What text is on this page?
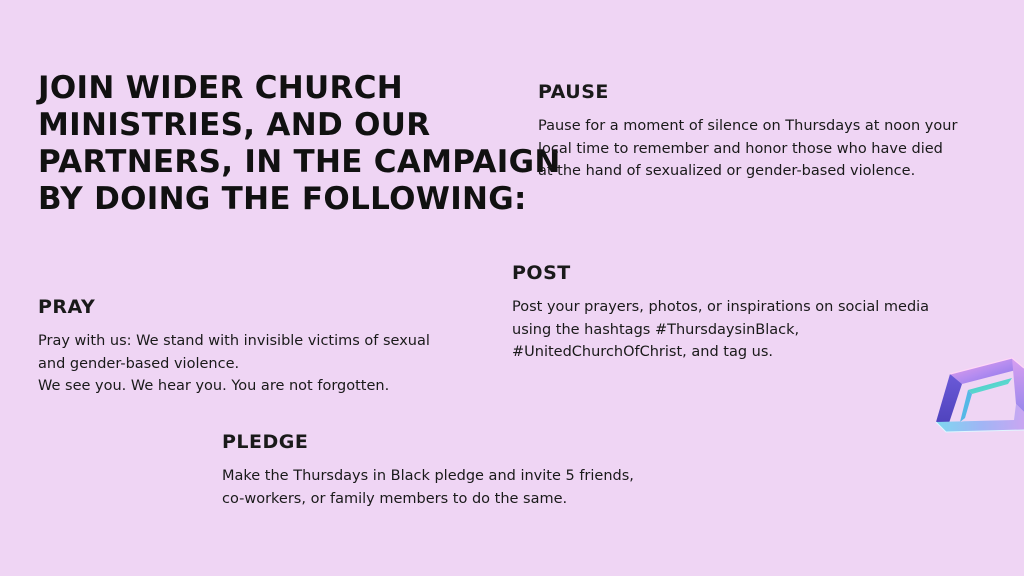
JOIN WIDER CHURCH
MINISTRIES, AND OUR
PARTNERS, IN THE CAMPAIGN
BY DOING THE FOLLOWING:
PAUSE

Pause for a moment of silence on Thursdays at noon your
local time to remember and honor those who have died
at the hand of sexualized or gender-based violence.

POST

Post your prayers, photos, or inspirations on social media
using the hashtags #ThursdaysinBlack,
#UnitedChurchOfChrist, and tag us.

PRAY

Pray with us: We stand with invisible victims of sexual
and gender-based violence.
We see you. We hear you. You are not forgotten.

PLEDGE

Make the Thursdays in Black pledge and invite 5 friends,
co-workers, or family members to do the same.
